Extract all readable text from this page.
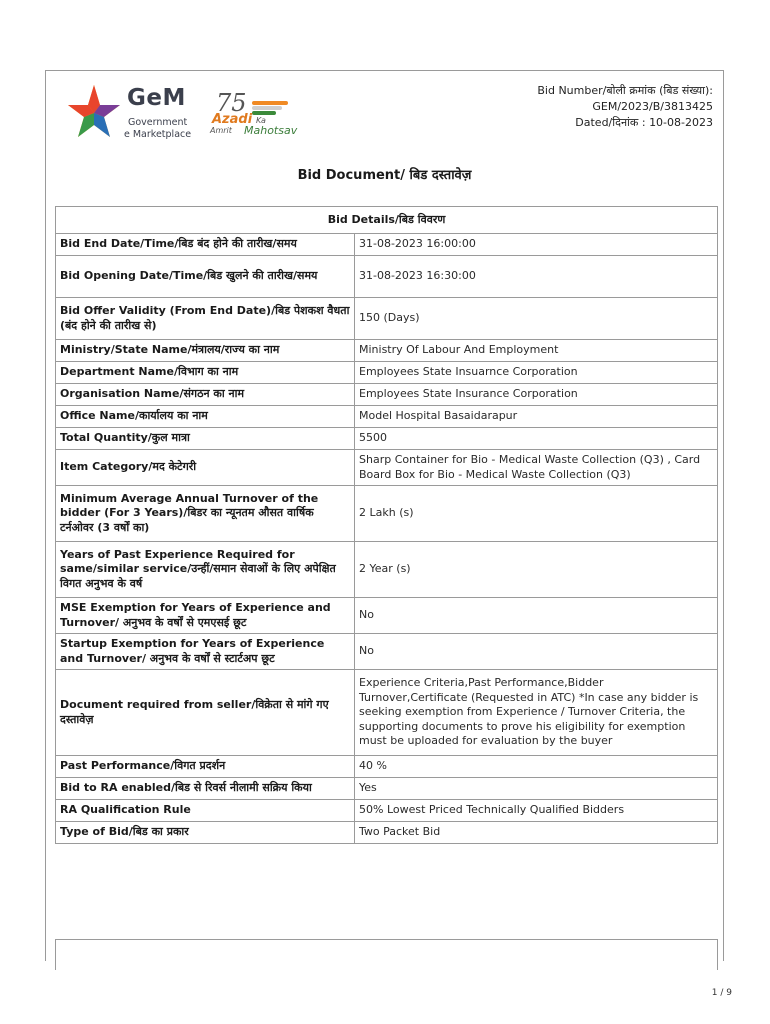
GeM
Government
e Marketplace
75
Azadi Ka
Amrit Mahotsav
Bid Number/बोली क्रमांक (बिड संख्या):
GEM/2023/B/3813425
Dated/दिनांक : 10-08-2023
Bid Document/ बिड दस्तावेज़
Bid Details/बिड विवरण	
Bid End Date/Time/बिड बंद होने की तारीख/समय	31-08-2023 16:00:00
Bid Opening Date/Time/बिड खुलने की तारीख/समय	31-08-2023 16:30:00
Bid Offer Validity (From End Date)/बिड पेशकश वैधता (बंद होने की तारीख से)	150 (Days)
Ministry/State Name/मंत्रालय/राज्य का नाम	Ministry Of Labour And Employment
Department Name/विभाग का नाम	Employees State Insuarnce Corporation
Organisation Name/संगठन का नाम	Employees State Insurance Corporation
Office Name/कार्यालय का नाम	Model Hospital Basaidarapur
Total Quantity/कुल मात्रा	5500
Item Category/मद केटेगरी	Sharp Container for Bio - Medical Waste Collection (Q3) , Card Board Box for Bio - Medical Waste Collection (Q3)
Minimum Average Annual Turnover of the bidder (For 3 Years)/बिडर का न्यूनतम औसत वार्षिक टर्नओवर (3 वर्षों का)	2 Lakh (s)
Years of Past Experience Required for same/similar service/उन्हीं/समान सेवाओं के लिए अपेक्षित विगत अनुभव के वर्ष	2 Year (s)
MSE Exemption for Years of Experience and Turnover/ अनुभव के वर्षों से एमएसई छूट	No
Startup Exemption for Years of Experience and Turnover/ अनुभव के वर्षों से स्टार्टअप छूट	No
Document required from seller/विक्रेता से मांगे गए दस्तावेज़	Experience Criteria,Past Performance,Bidder Turnover,Certificate (Requested in ATC) *In case any bidder is seeking exemption from Experience / Turnover Criteria, the supporting documents to prove his eligibility for exemption must be uploaded for evaluation by the buyer
Past Performance/विगत प्रदर्शन	40 %
Bid to RA enabled/बिड से रिवर्स नीलामी सक्रिय किया	Yes
RA Qualification Rule	50% Lowest Priced Technically Qualified Bidders
Type of Bid/बिड का प्रकार	Two Packet Bid
1 / 9
